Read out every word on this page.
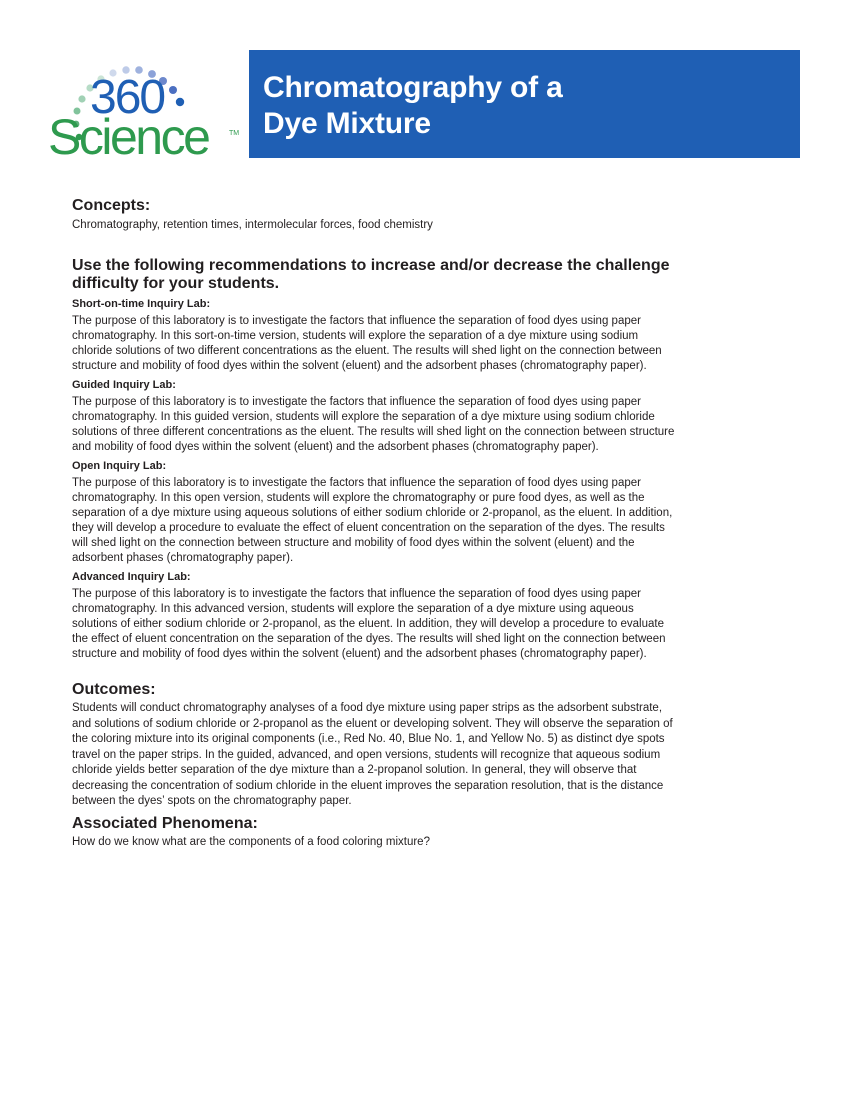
360
Science	TM
Chromatography of a
Dye Mixture
Concepts:

Chromatography, retention times, intermolecular forces, food chemistry

Use the following recommendations to increase and/or decrease the challenge
difficulty for your students.
Short-on-time Inquiry Lab:

The purpose of this laboratory is to investigate the factors that influence the separation of food dyes using paper
chromatography. In this sort-on-time version, students will explore the separation of a dye mixture using sodium
chloride solutions of two different concentrations as the eluent. The results will shed light on the connection between
structure and mobility of food dyes within the solvent (eluent) and the adsorbent phases (chromatography paper).

Guided Inquiry Lab:

The purpose of this laboratory is to investigate the factors that influence the separation of food dyes using paper
chromatography. In this guided version, students will explore the separation of a dye mixture using sodium chloride
solutions of three different concentrations as the eluent. The results will shed light on the connection between structure
and mobility of food dyes within the solvent (eluent) and the adsorbent phases (chromatography paper).

Open Inquiry Lab:

The purpose of this laboratory is to investigate the factors that influence the separation of food dyes using paper
chromatography. In this open version, students will explore the chromatography or pure food dyes, as well as the
separation of a dye mixture using aqueous solutions of either sodium chloride or 2-propanol, as the eluent. In addition,
they will develop a procedure to evaluate the effect of eluent concentration on the separation of the dyes. The results
will shed light on the connection between structure and mobility of food dyes within the solvent (eluent) and the
adsorbent phases (chromatography paper).

Advanced Inquiry Lab:

The purpose of this laboratory is to investigate the factors that influence the separation of food dyes using paper
chromatography. In this advanced version, students will explore the separation of a dye mixture using aqueous
solutions of either sodium chloride or 2-propanol, as the eluent. In addition, they will develop a procedure to evaluate
the effect of eluent concentration on the separation of the dyes. The results will shed light on the connection between
structure and mobility of food dyes within the solvent (eluent) and the adsorbent phases (chromatography paper).

Outcomes:

Students will conduct chromatography analyses of a food dye mixture using paper strips as the adsorbent substrate,
and solutions of sodium chloride or 2-propanol as the eluent or developing solvent. They will observe the separation of
the coloring mixture into its original components (i.e., Red No. 40, Blue No. 1, and Yellow No. 5) as distinct dye spots
travel on the paper strips. In the guided, advanced, and open versions, students will recognize that aqueous sodium
chloride yields better separation of the dye mixture than a 2-propanol solution. In general, they will observe that
decreasing the concentration of sodium chloride in the eluent improves the separation resolution, that is the distance
between the dyes’ spots on the chromatography paper.

Associated Phenomena:

How do we know what are the components of a food coloring mixture?
